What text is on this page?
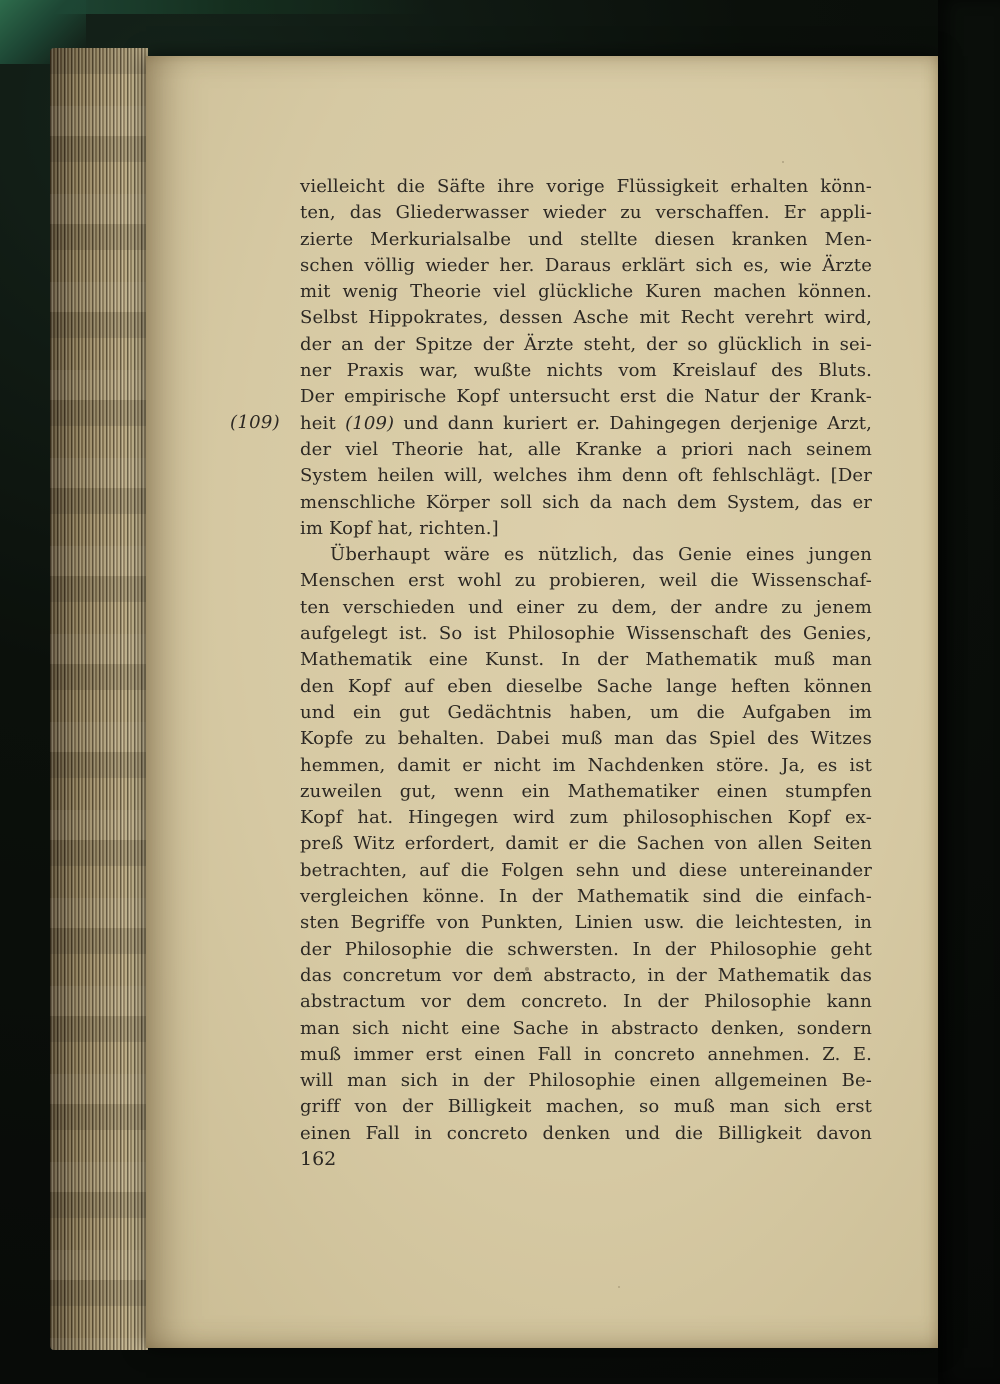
(109)
vielleicht die Säfte ihre vorige Flüssigkeit erhalten könn-
ten, das Gliederwasser wieder zu verschaffen. Er appli-
zierte Merkurialsalbe und stellte diesen kranken Men-
schen völlig wieder her. Daraus erklärt sich es, wie Ärzte
mit wenig Theorie viel glückliche Kuren machen können.
Selbst Hippokrates, dessen Asche mit Recht verehrt wird,
der an der Spitze der Ärzte steht, der so glücklich in sei-
ner Praxis war, wußte nichts vom Kreislauf des Bluts.
Der empirische Kopf untersucht erst die Natur der Krank-
heit (109) und dann kuriert er. Dahingegen derjenige Arzt,
der viel Theorie hat, alle Kranke a priori nach seinem
System heilen will, welches ihm denn oft fehlschlägt. [Der
menschliche Körper soll sich da nach dem System, das er
im Kopf hat, richten.]
Überhaupt wäre es nützlich, das Genie eines jungen
Menschen erst wohl zu probieren, weil die Wissenschaf-
ten verschieden und einer zu dem, der andre zu jenem
aufgelegt ist. So ist Philosophie Wissenschaft des Genies,
Mathematik eine Kunst. In der Mathematik muß man
den Kopf auf eben dieselbe Sache lange heften können
und ein gut Gedächtnis haben, um die Aufgaben im
Kopfe zu behalten. Dabei muß man das Spiel des Witzes
hemmen, damit er nicht im Nachdenken störe. Ja, es ist
zuweilen gut, wenn ein Mathematiker einen stumpfen
Kopf hat. Hingegen wird zum philosophischen Kopf ex-
preß Witz erfordert, damit er die Sachen von allen Seiten
betrachten, auf die Folgen sehn und diese untereinander
vergleichen könne. In der Mathematik sind die einfach-
sten Begriffe von Punkten, Linien usw. die leichtesten, in
der Philosophie die schwersten. In der Philosophie geht
das concretum vor dem abstracto, in der Mathematik das
abstractum vor dem concreto. In der Philosophie kann
man sich nicht eine Sache in abstracto denken, sondern
muß immer erst einen Fall in concreto annehmen. Z. E.
will man sich in der Philosophie einen allgemeinen Be-
griff von der Billigkeit machen, so muß man sich erst
einen Fall in concreto denken und die Billigkeit davon
162
